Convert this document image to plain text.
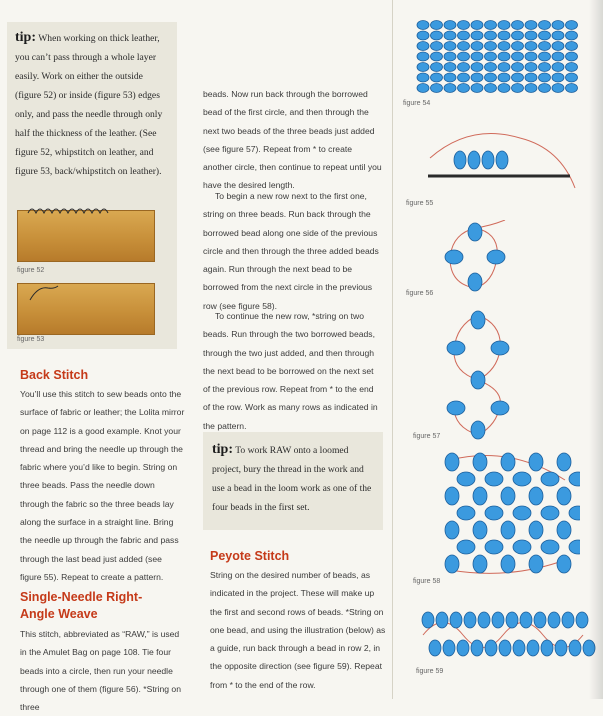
tip: When working on thick leather, you can’t pass through a whole layer easily. Work on either the outside (figure 52) or inside (figure 53) edges only, and pass the needle through only half the thickness of the leather. (See figure 52, whipstitch on leather, and figure 53, back/whipstitch on leather).
figure 52
figure 53
Back Stitch
You’ll use this stitch to sew beads onto the surface of fabric or leather; the Lolita mirror on page 112 is a good example. Knot your thread and bring the needle up through the fabric where you’d like to begin. String on three beads. Pass the needle down through the fabric so the three beads lay along the surface in a straight line. Bring the needle up through the fabric and pass through the last bead just added (see figure 55). Repeat to create a pattern.
Single-Needle Right-Angle Weave
This stitch, abbreviated as “RAW,” is used in the Amulet Bag on page 108. Tie four beads into a circle, then run your needle through one of them (figure 56). *String on three
beads. Now run back through the borrowed bead of the first circle, and then through the next two beads of the three beads just added (see figure 57). Repeat from * to create another circle, then continue to repeat until you have the desired length.
To begin a new row next to the first one, string on three beads. Run back through the borrowed bead along one side of the previous circle and then through the three added beads again. Run through the next bead to be borrowed from the next circle in the previous row (see figure 58).
To continue the new row, *string on two beads. Run through the two borrowed beads, through the two just added, and then through the next bead to be borrowed on the next set of the previous row. Repeat from * to the end of the row. Work as many rows as indicated in the pattern.
tip: To work RAW onto a loomed project, bury the thread in the work and use a bead in the loom work as one of the four beads in the first set.
Peyote Stitch
String on the desired number of beads, as indicated in the project. These will make up the first and second rows of beads. *String on one bead, and using the illustration (below) as a guide, run back through a bead in row 2, in the opposite direction (see figure 59). Repeat from * to the end of the row.
figure 54
figure 55
figure 56
figure 57
figure 58
figure 59
